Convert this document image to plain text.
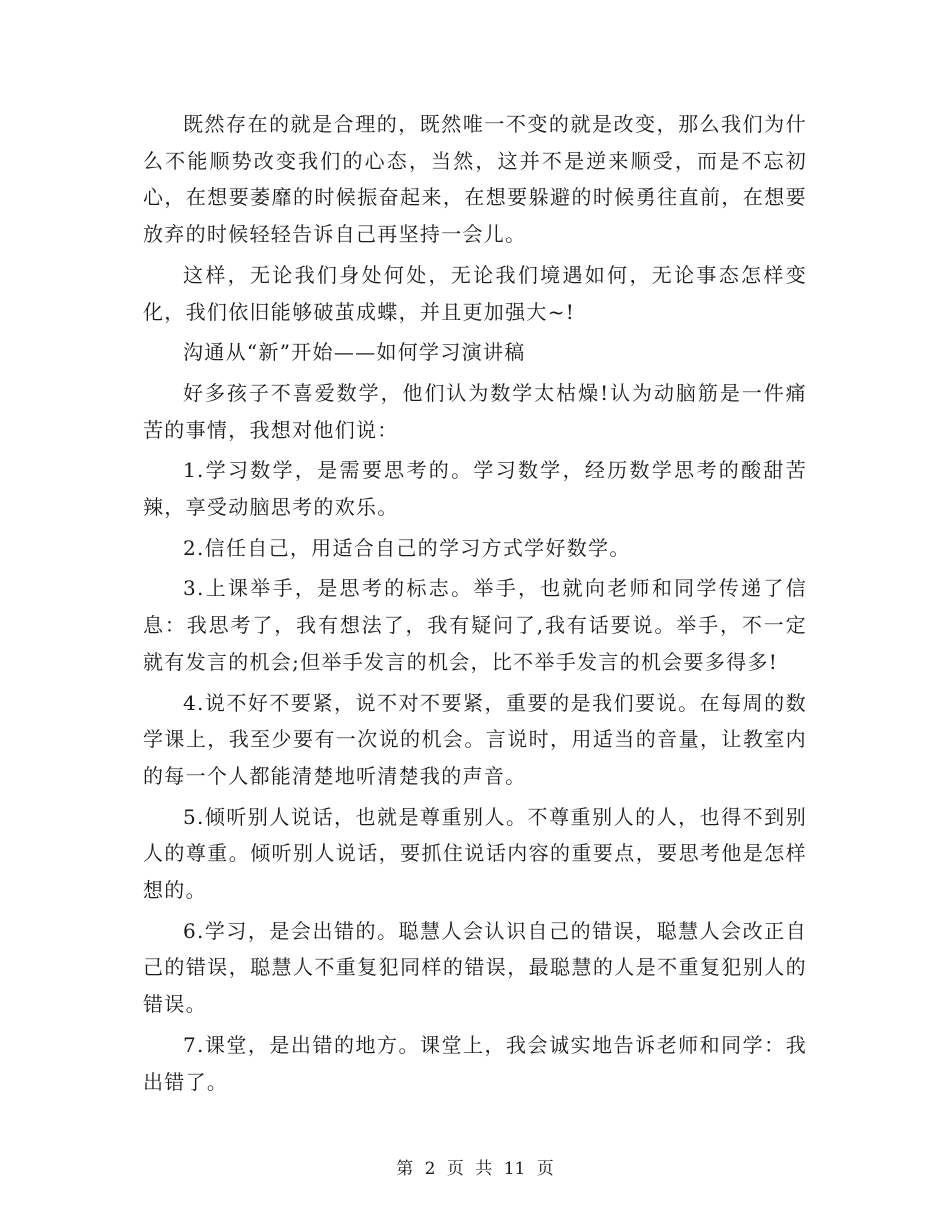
既然存在的就是合理的，既然唯一不变的就是改变，那么我们为什么不能顺势改变我们的心态，当然，这并不是逆来顺受，而是不忘初心，在想要萎靡的时候振奋起来，在想要躲避的时候勇往直前，在想要放弃的时候轻轻告诉自己再坚持一会儿。

这样，无论我们身处何处，无论我们境遇如何，无论事态怎样变化，我们依旧能够破茧成蝶，并且更加强大~!

沟通从“新”开始——如何学习演讲稿

好多孩子不喜爱数学，他们认为数学太枯燥!认为动脑筋是一件痛苦的事情，我想对他们说：

1.学习数学，是需要思考的。学习数学，经历数学思考的酸甜苦辣，享受动脑思考的欢乐。

2.信任自己，用适合自己的学习方式学好数学。

3.上课举手，是思考的标志。举手，也就向老师和同学传递了信息：我思考了，我有想法了，我有疑问了,我有话要说。举手，不一定就有发言的机会;但举手发言的机会，比不举手发言的机会要多得多!

4.说不好不要紧，说不对不要紧，重要的是我们要说。在每周的数学课上，我至少要有一次说的机会。言说时，用适当的音量，让教室内的每一个人都能清楚地听清楚我的声音。

5.倾听别人说话，也就是尊重别人。不尊重别人的人，也得不到别人的尊重。倾听别人说话，要抓住说话内容的重要点，要思考他是怎样想的。

6.学习，是会出错的。聪慧人会认识自己的错误，聪慧人会改正自己的错误，聪慧人不重复犯同样的错误，最聪慧的人是不重复犯别人的错误。

7.课堂，是出错的地方。课堂上，我会诚实地告诉老师和同学：我出错了。

第 2 页 共 11 页
